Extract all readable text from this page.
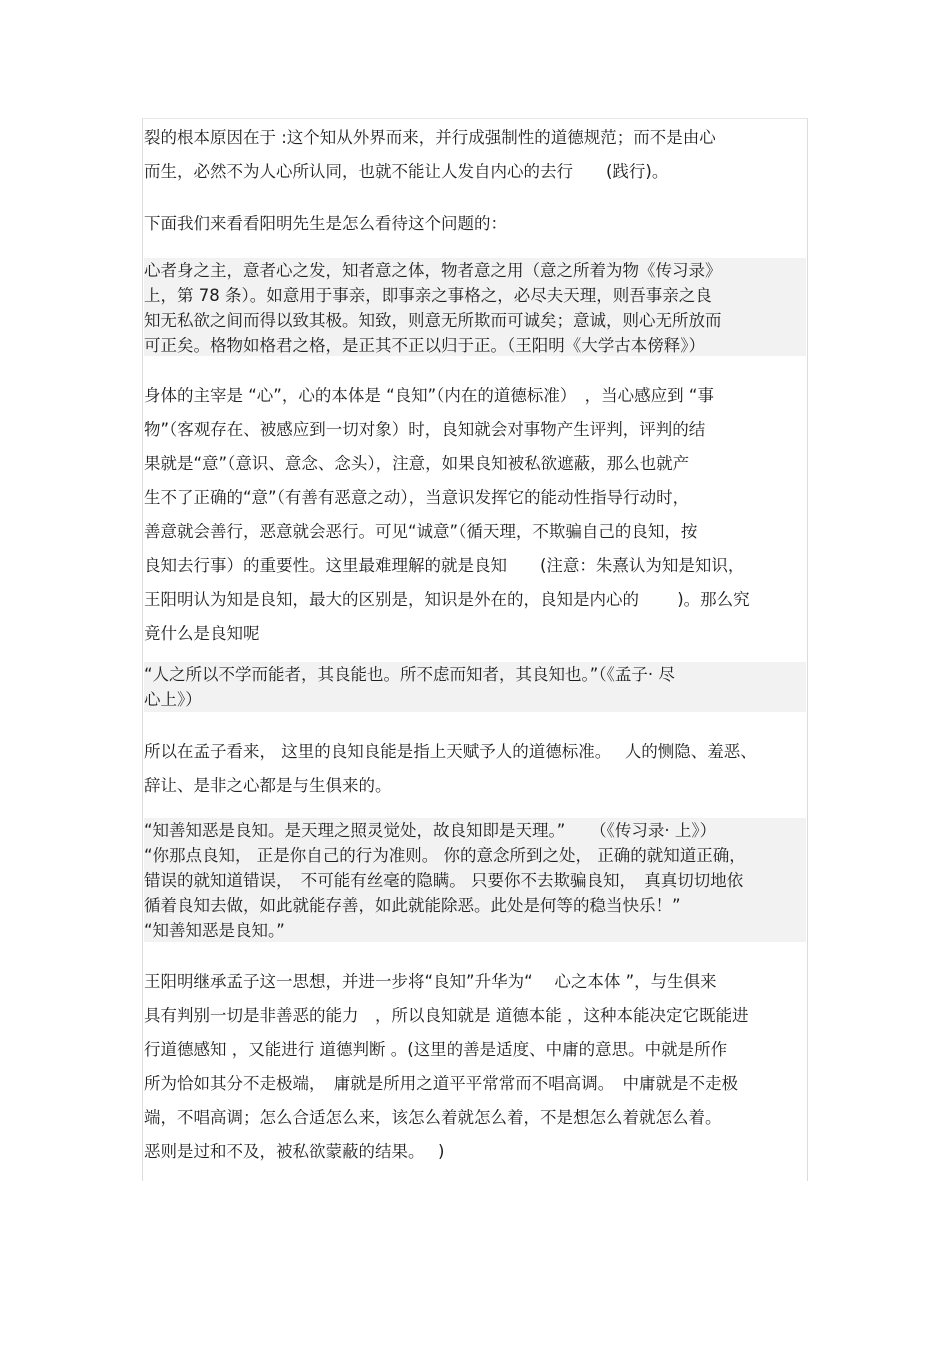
裂的根本原因在于 :这个知从外界而来，并行成强制性的道德规范；而不是由心
而生，必然不为人心所认同，也就不能让人发自内心的去行　　(践行)。

下面我们来看看阳明先生是怎么看待这个问题的：

心者身之主，意者心之发，知者意之体，物者意之用（意之所着为物《传习录》
上，第 78 条）。如意用于事亲，即事亲之事格之，必尽夫天理，则吾事亲之良
知无私欲之间而得以致其极。知致，则意无所欺而可诚矣；意诚，则心无所放而
可正矣。格物如格君之格，是正其不正以归于正。（王阳明《大学古本傍释》）

身体的主宰是 “心”，心的本体是 “良知”（内在的道德标准）　，当心感应到 “事
物”（客观存在、被感应到一切对象）时，良知就会对事物产生评判，评判的结
果就是“意”（意识、意念、念头），注意，如果良知被私欲遮蔽，那么也就产
生不了正确的“意”（有善有恶意之动），当意识发挥它的能动性指导行动时，
善意就会善行，恶意就会恶行。可见“诚意”（循天理，不欺骗自己的良知，按
良知去行事）的重要性。这里最难理解的就是良知　　(注意：朱熹认为知是知识，
王阳明认为知是良知，最大的区别是，知识是外在的，良知是内心的　　 )。那么究
竟什么是良知呢

“人之所以不学而能者，其良能也。所不虑而知者，其良知也。”（《孟子· 尽
心上》）

所以在孟子看来， 这里的良知良能是指上天赋予人的道德标准。　 人的恻隐、羞恶、
辞让、是非之心都是与生俱来的。

“知善知恶是良知。是天理之照灵觉处，故良知即是天理。”　　（《传习录· 上》）
“你那点良知， 正是你自己的行为准则。 你的意念所到之处， 正确的就知道正确，
错误的就知道错误，　不可能有丝毫的隐瞒。 只要你不去欺骗良知，　真真切切地依
循着良知去做，如此就能存善，如此就能除恶。此处是何等的稳当快乐！”
“知善知恶是良知。”

王阳明继承孟子这一思想，并进一步将“良知”升华为“　 心之本体 ”，与生俱来
具有判别一切是非善恶的能力　，所以良知就是 道德本能 ，这种本能决定它既能进
行道德感知 ，又能进行 道德判断 。(这里的善是适度、中庸的意思。中就是所作
所为恰如其分不走极端，　庸就是所用之道平平常常而不唱高调。　中庸就是不走极
端，不唱高调；怎么合适怎么来，该怎么着就怎么着，不是想怎么着就怎么着。
恶则是过和不及，被私欲蒙蔽的结果。　 )
